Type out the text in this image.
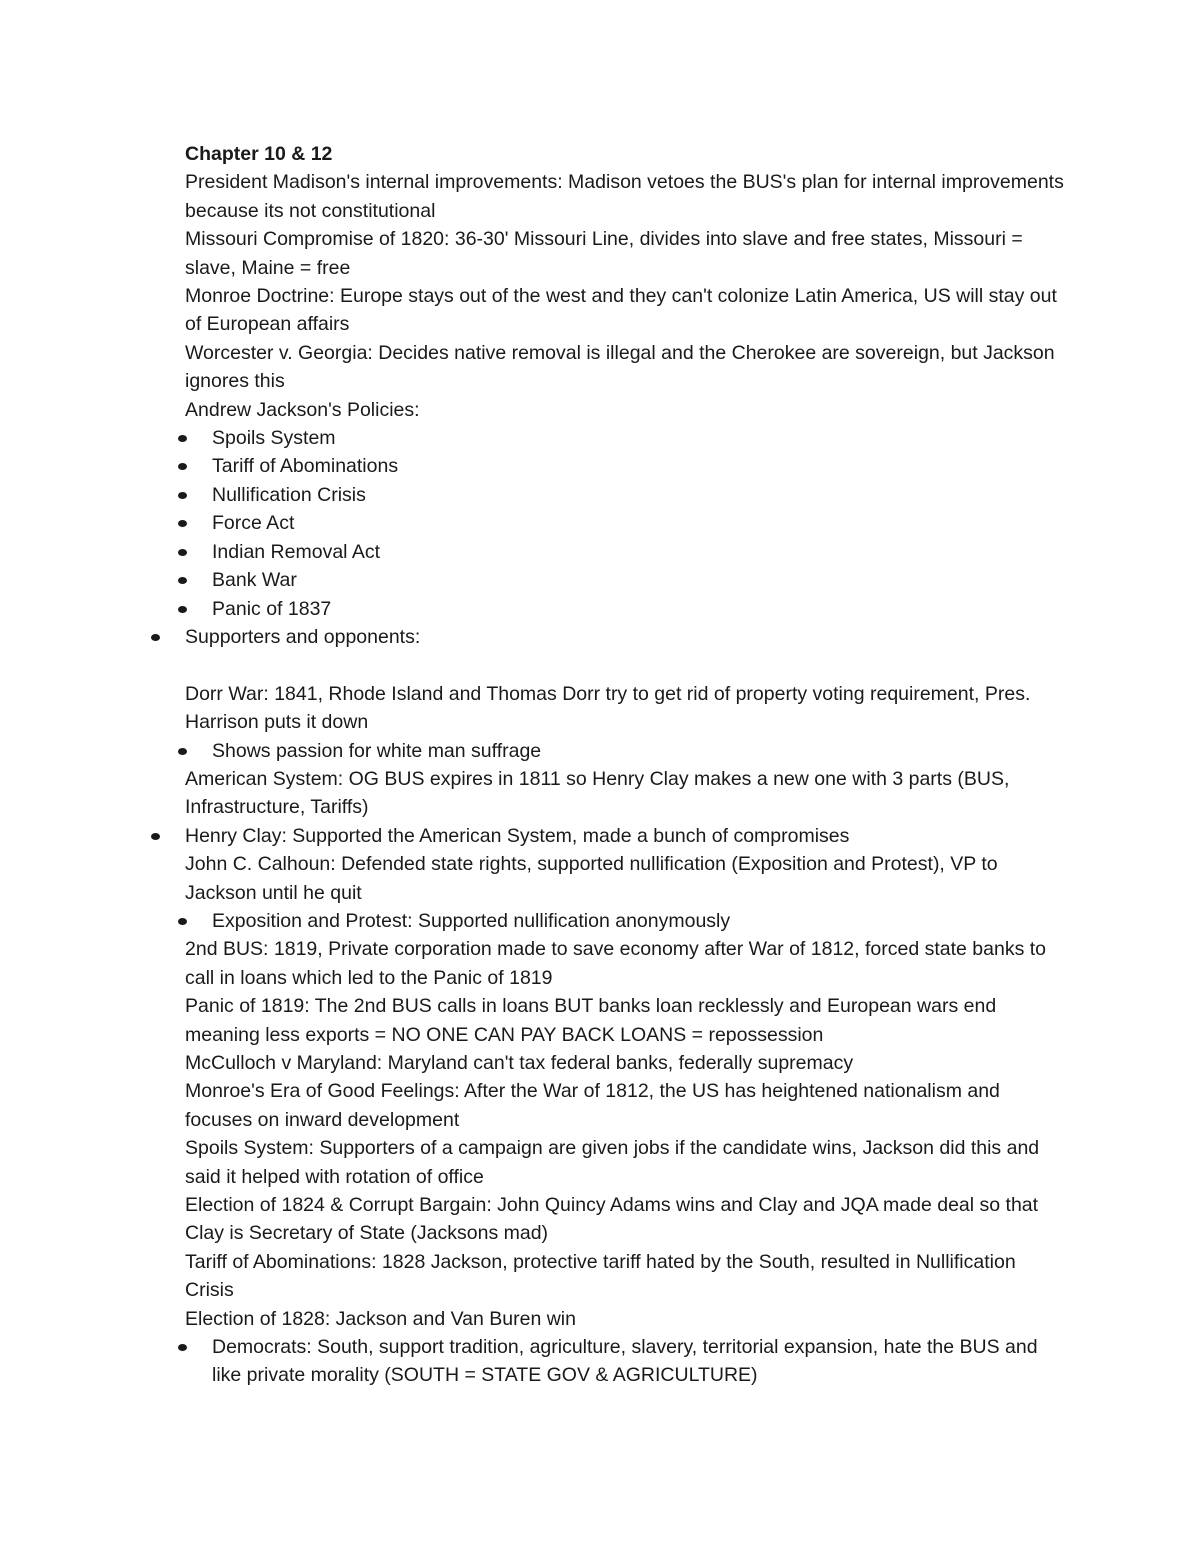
Chapter 10 & 12

President Madison's internal improvements: Madison vetoes the BUS's plan for internal improvements because its not constitutional

Missouri Compromise of 1820: 36-30' Missouri Line, divides into slave and free states, Missouri = slave, Maine = free

Monroe Doctrine: Europe stays out of the west and they can't colonize Latin America, US will stay out of European affairs

Worcester v. Georgia: Decides native removal is illegal and the Cherokee are sovereign, but Jackson ignores this

Andrew Jackson's Policies:

Spoils System
Tariff of Abominations
Nullification Crisis
Force Act
Indian Removal Act
Bank War
Panic of 1837

Supporters and opponents:

Dorr War: 1841, Rhode Island and Thomas Dorr try to get rid of property voting requirement, Pres. Harrison puts it down

Shows passion for white man suffrage

American System: OG BUS expires in 1811 so Henry Clay makes a new one with 3 parts (BUS, Infrastructure, Tariffs)

Henry Clay: Supported the American System, made a bunch of compromises

John C. Calhoun: Defended state rights, supported nullification (Exposition and Protest), VP to Jackson until he quit

Exposition and Protest: Supported nullification anonymously

2nd BUS: 1819, Private corporation made to save economy after War of 1812, forced state banks to call in loans which led to the Panic of 1819

Panic of 1819: The 2nd BUS calls in loans BUT banks loan recklessly and European wars end meaning less exports = NO ONE CAN PAY BACK LOANS = repossession

McCulloch v Maryland: Maryland can't tax federal banks, federally supremacy

Monroe's Era of Good Feelings: After the War of 1812, the US has heightened nationalism and focuses on inward development

Spoils System: Supporters of a campaign are given jobs if the candidate wins, Jackson did this and said it helped with rotation of office

Election of 1824 & Corrupt Bargain: John Quincy Adams wins and Clay and JQA made deal so that Clay is Secretary of State (Jacksons mad)

Tariff of Abominations: 1828 Jackson, protective tariff hated by the South, resulted in Nullification Crisis

Election of 1828: Jackson and Van Buren win

Democrats: South, support tradition, agriculture, slavery, territorial expansion, hate the BUS and like private morality (SOUTH = STATE GOV & AGRICULTURE)
